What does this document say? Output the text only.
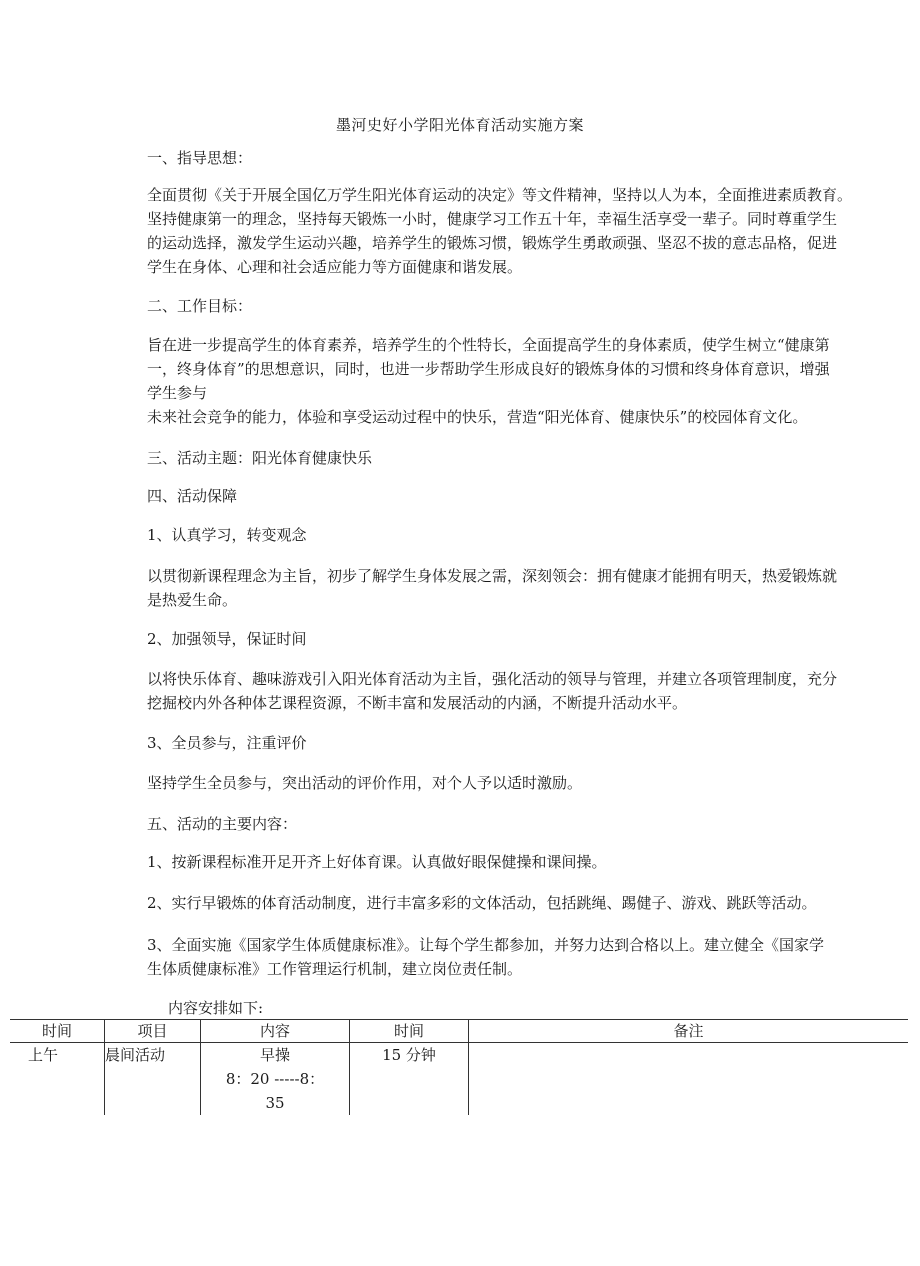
墨河史好小学阳光体育活动实施方案
一、指导思想：
全面贯彻《关于开展全国亿万学生阳光体育运动的决定》等文件精神，坚持以人为本，全面推进素质教育。
坚持健康第一的理念，坚持每天锻炼一小时，健康学习工作五十年，幸福生活享受一辈子。同时尊重学生
的运动选择，激发学生运动兴趣，培养学生的锻炼习惯，锻炼学生勇敢顽强、坚忍不拔的意志品格，促进
学生在身体、心理和社会适应能力等方面健康和谐发展。
二、工作目标：
旨在进一步提高学生的体育素养，培养学生的个性特长，全面提高学生的身体素质，使学生树立“健康第
一，终身体育”的思想意识，同时，也进一步帮助学生形成良好的锻炼身体的习惯和终身体育意识，增强
学生参与
未来社会竞争的能力，体验和享受运动过程中的快乐，营造“阳光体育、健康快乐”的校园体育文化。
三、活动主题：阳光体育健康快乐
四、活动保障
1、认真学习，转变观念
以贯彻新课程理念为主旨，初步了解学生身体发展之需，深刻领会：拥有健康才能拥有明天，热爱锻炼就
是热爱生命。
2、加强领导，保证时间
以将快乐体育、趣味游戏引入阳光体育活动为主旨，强化活动的领导与管理，并建立各项管理制度，充分
挖掘校内外各种体艺课程资源，不断丰富和发展活动的内涵，不断提升活动水平。
3、全员参与，注重评价
坚持学生全员参与，突出活动的评价作用，对个人予以适时激励。
五、活动的主要内容：
1、按新课程标准开足开齐上好体育课。认真做好眼保健操和课间操。
2、实行早锻炼的体育活动制度，进行丰富多彩的文体活动，包括跳绳、踢健子、游戏、跳跃等活动。
3、全面实施《国家学生体质健康标准》。让每个学生都参加，并努力达到合格以上。建立健全《国家学
生体质健康标准》工作管理运行机制，建立岗位责任制。
内容安排如下:
时间	项目	内容	时间	备注
上午	晨间活动	早操
8：20 -----8：
35	15 分钟	
